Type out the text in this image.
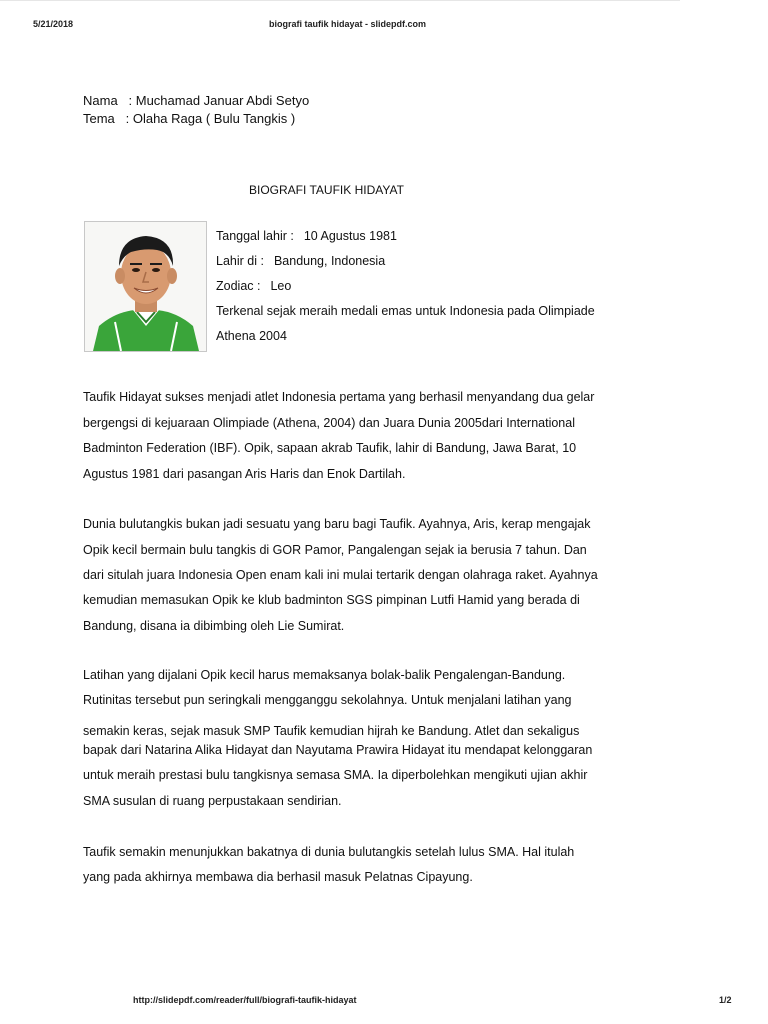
5/21/2018	biografi taufik hidayat - slidepdf.com
Nama   : Muchamad Januar Abdi Setyo
Tema   : Olaha Raga ( Bulu Tangkis )
BIOGRAFI TAUFIK HIDAYAT
Tanggal lahir : 10 Agustus 1981
Lahir di : Bandung, Indonesia
Zodiac : Leo
Terkenal sejak meraih medali emas untuk Indonesia pada Olimpiade
Athena 2004
Taufik Hidayat sukses menjadi atlet Indonesia pertama yang berhasil menyandang dua gelar
bergengsi di kejuaraan Olimpiade (Athena, 2004) dan Juara Dunia 2005dari International
Badminton Federation (IBF). Opik, sapaan akrab Taufik, lahir di Bandung, Jawa Barat, 10
Agustus 1981 dari pasangan Aris Haris dan Enok Dartilah.
Dunia bulutangkis bukan jadi sesuatu yang baru bagi Taufik. Ayahnya, Aris, kerap mengajak
Opik kecil bermain bulu tangkis di GOR Pamor, Pangalengan sejak ia berusia 7 tahun. Dan
dari situlah juara Indonesia Open enam kali ini mulai tertarik dengan olahraga raket. Ayahnya
kemudian memasukan Opik ke klub badminton SGS pimpinan Lutfi Hamid yang berada di
Bandung, disana ia dibimbing oleh Lie Sumirat.
Latihan yang dijalani Opik kecil harus memaksanya bolak-balik Pengalengan-Bandung.
Rutinitas tersebut pun seringkali mengganggu sekolahnya. Untuk menjalani latihan yang
semakin keras, sejak masuk SMP Taufik kemudian hijrah ke Bandung. Atlet dan sekaligus
bapak dari Natarina Alika Hidayat dan Nayutama Prawira Hidayat itu mendapat kelonggaran
untuk meraih prestasi bulu tangkisnya semasa SMA. Ia diperbolehkan mengikuti ujian akhir
SMA susulan di ruang perpustakaan sendirian.
Taufik semakin menunjukkan bakatnya di dunia bulutangkis setelah lulus SMA. Hal itulah
yang pada akhirnya membawa dia berhasil masuk Pelatnas Cipayung.
http://slidepdf.com/reader/full/biografi-taufik-hidayat	1/2
